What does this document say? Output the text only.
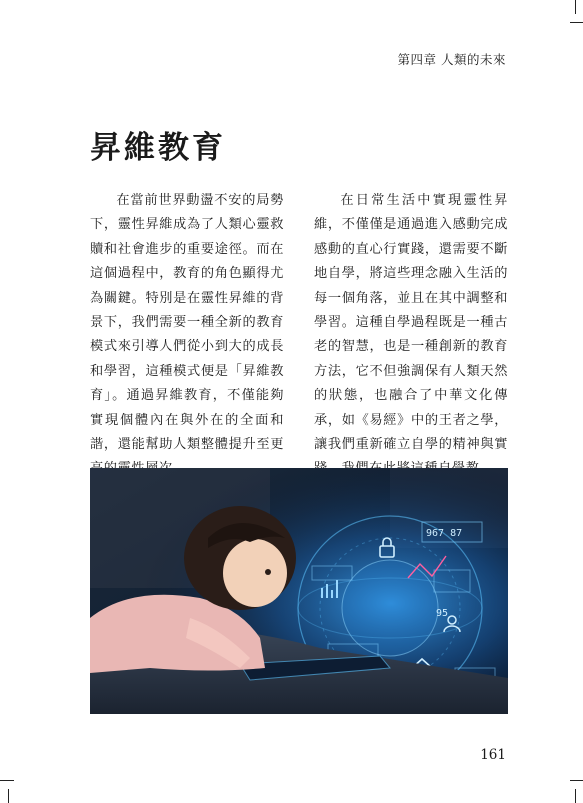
第四章 人類的未來
昇維教育

在當前世界動盪不安的局勢下，靈性昇維成為了人類心靈救贖和社會進步的重要途徑。而在這個過程中，教育的角色顯得尤為關鍵。特別是在靈性昇維的背景下，我們需要一種全新的教育模式來引導人們從小到大的成長和學習，這種模式便是「昇維教育」。通過昇維教育，不僅能夠實現個體內在與外在的全面和諧，還能幫助人類整體提升至更

在日常生活中實現靈性昇維，不僅僅是通過進入感動完成感動的直心行實踐，還需要不斷地自學，將這些理念融入生活的每一個角落，並且在其中調整和學習。這種自學過程既是一種古老的智慧，也是一種創新的教育方法，它不但強調保有人類天然的狀態，也融合了中華文化傳承，如《易經》中的王者之學，讓我們重新確立自學的精神與實

95
967 87
161
